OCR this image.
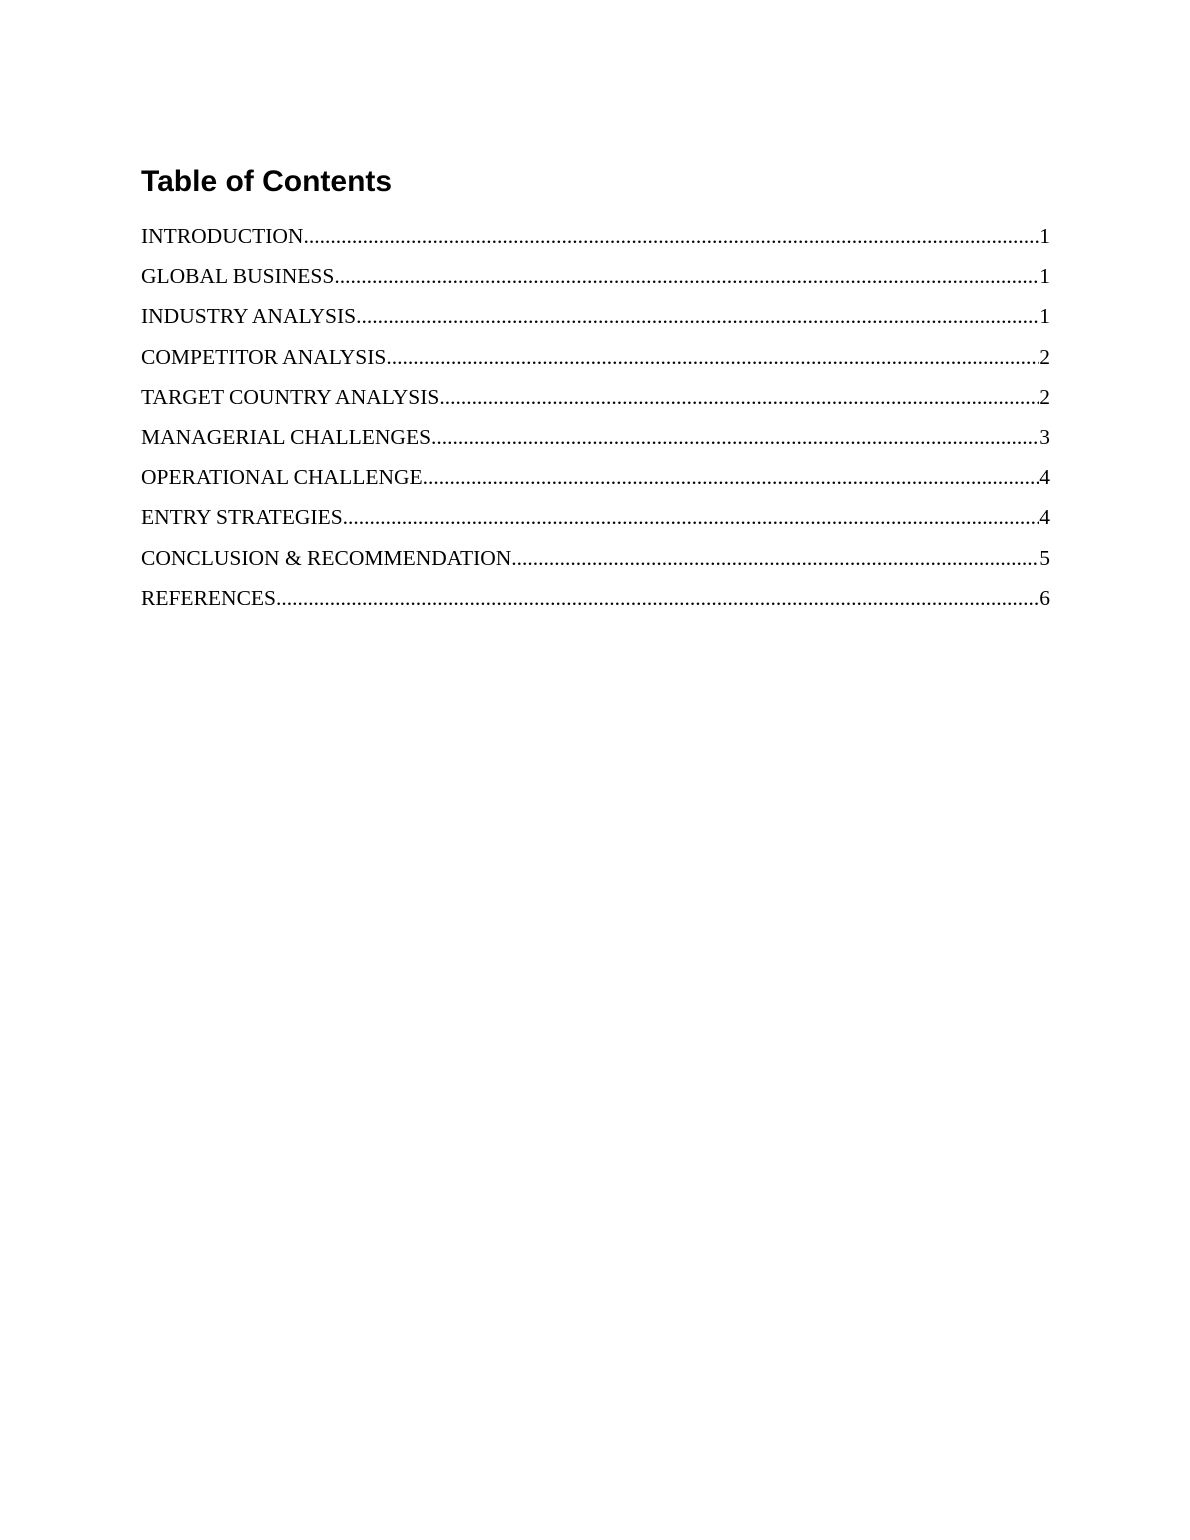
Table of Contents
INTRODUCTION .....	1
GLOBAL BUSINESS .....	1
INDUSTRY ANALYSIS .....	1
COMPETITOR ANALYSIS .....	2
TARGET COUNTRY ANALYSIS .....	2
MANAGERIAL CHALLENGES .....	3
OPERATIONAL CHALLENGE .....	4
ENTRY STRATEGIES .....	4
CONCLUSION & RECOMMENDATION .....	5
REFERENCES .....	6
